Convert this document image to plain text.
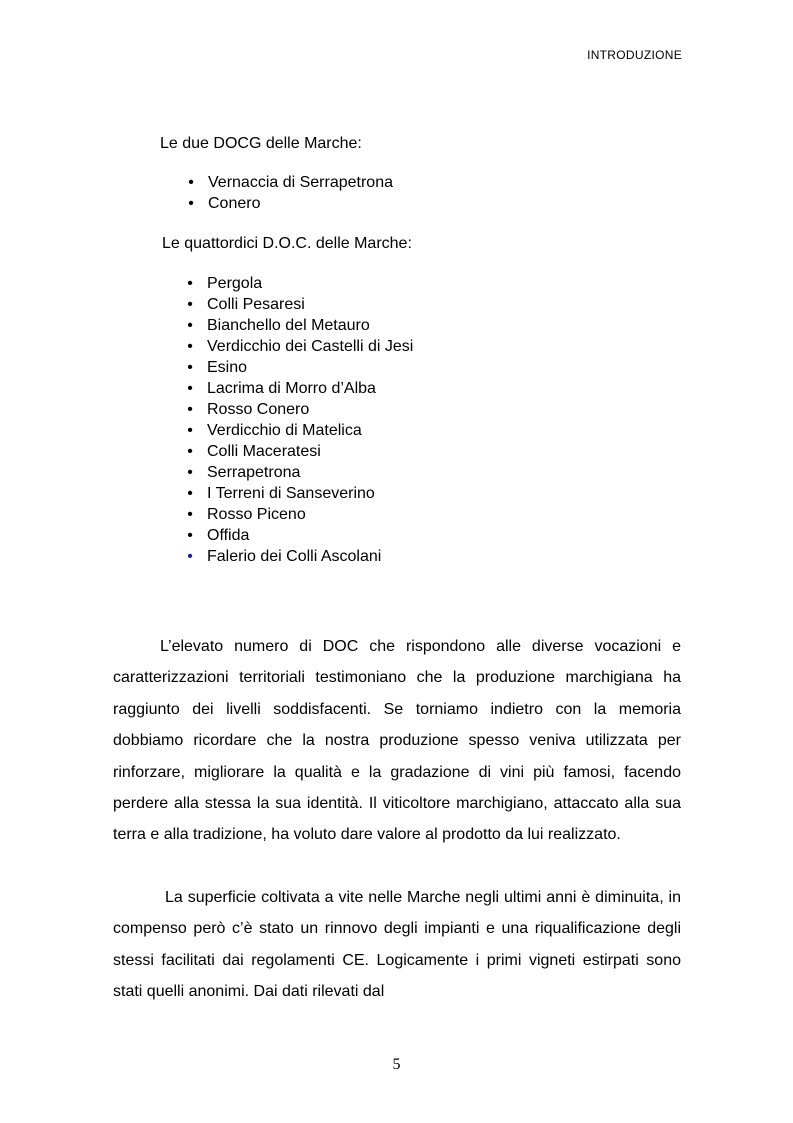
INTRODUZIONE
Le due DOCG delle Marche:
• Vernaccia di Serrapetrona
• Conero
Le quattordici D.O.C. delle Marche:
• Pergola
• Colli Pesaresi
• Bianchello del Metauro
• Verdicchio dei Castelli di Jesi
• Esino
• Lacrima di Morro d’Alba
• Rosso Conero
• Verdicchio di Matelica
• Colli Maceratesi
• Serrapetrona
• I Terreni di Sanseverino
• Rosso Piceno
• Offida
• Falerio dei Colli Ascolani

L’elevato numero di DOC che rispondono alle diverse vocazioni e caratterizzazioni territoriali testimoniano che la produzione marchigiana ha raggiunto dei livelli soddisfacenti. Se torniamo indietro con la memoria dobbiamo ricordare che la nostra produzione spesso veniva utilizzata per rinforzare, migliorare la qualità e la gradazione di vini più famosi, facendo perdere alla stessa la sua identità. Il viticoltore marchigiano, attaccato alla sua terra e alla tradizione, ha voluto dare valore al prodotto da lui realizzato.

La superficie coltivata a vite nelle Marche negli ultimi anni è diminuita, in compenso però c’è stato un rinnovo degli impianti e una riqualificazione degli stessi facilitati dai regolamenti CE. Logicamente i primi vigneti estirpati sono stati quelli anonimi. Dai dati rilevati dal

5
